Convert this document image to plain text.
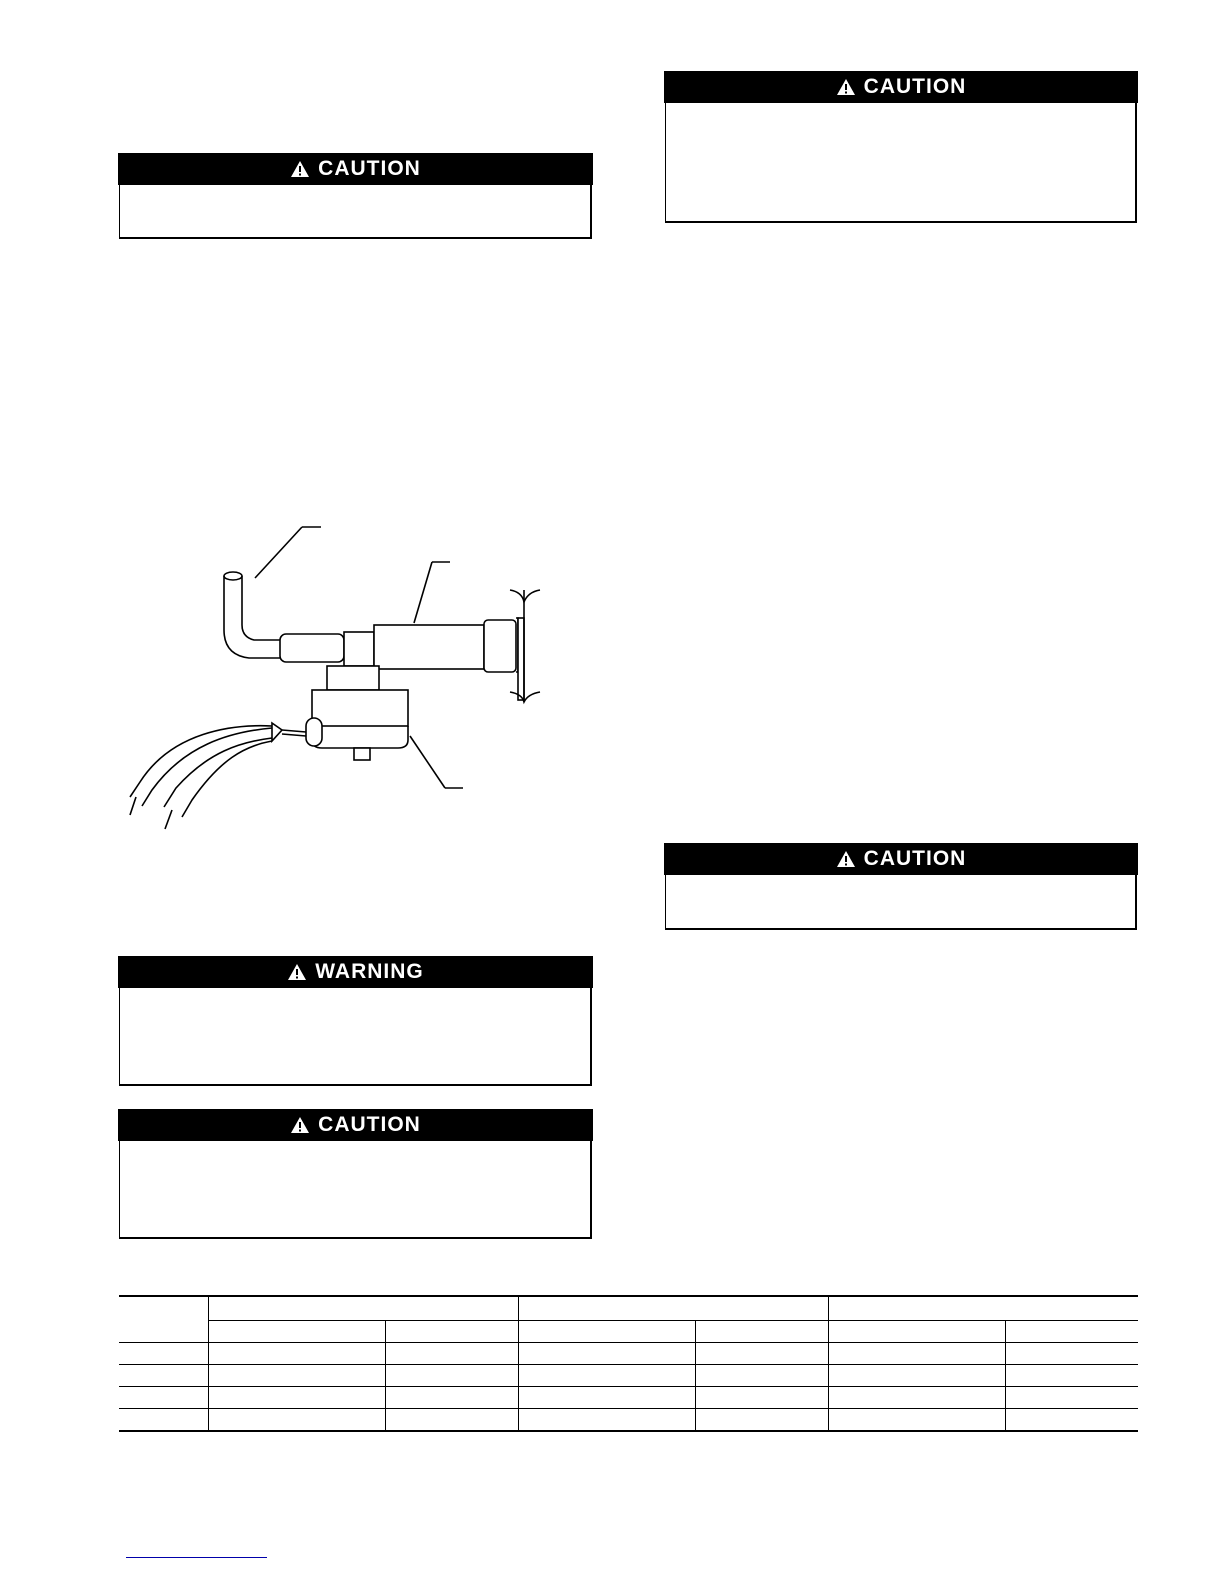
CAUTION
CAUTION
CAUTION
WARNING
CAUTION
